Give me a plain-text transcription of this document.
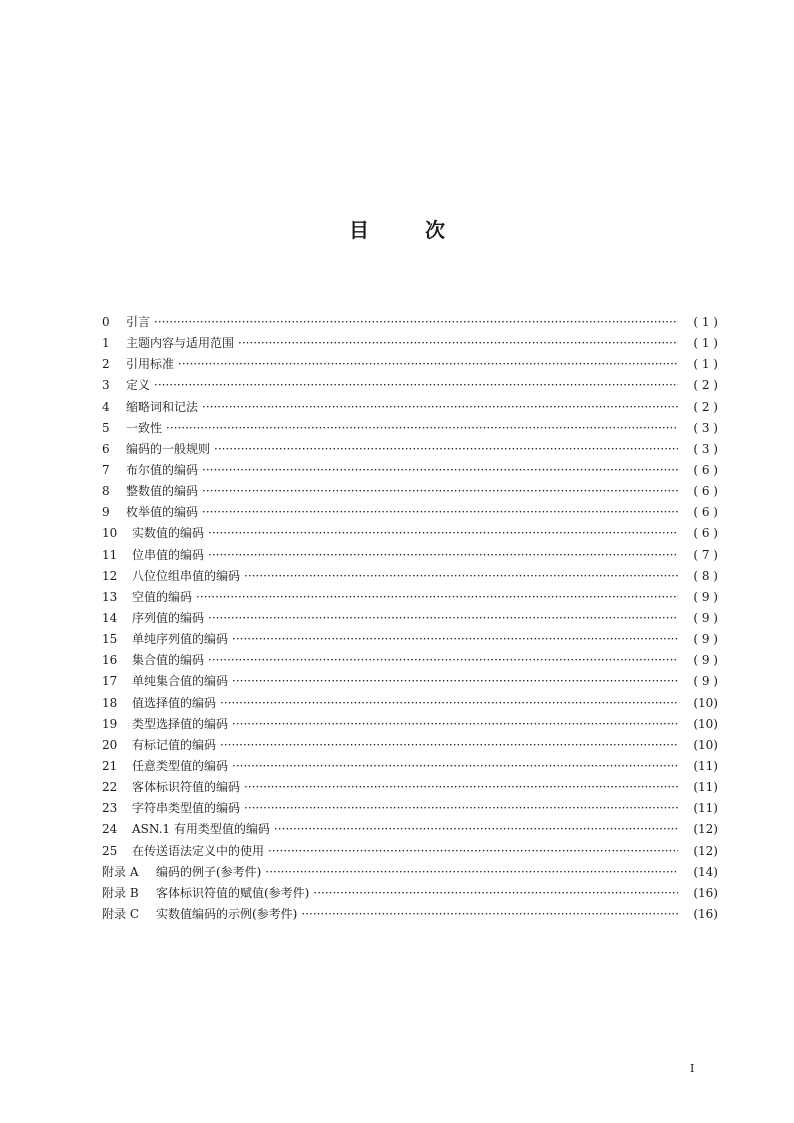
目	次
0	引言 ·····	( 1 )
1	主题内容与适用范围 ·····	( 1 )
2	引用标准 ·····	( 1 )
3	定义 ·····	( 2 )
4	缩略词和记法 ·····	( 2 )
5	一致性 ·····	( 3 )
6	编码的一般规则 ·····	( 3 )
7	布尔值的编码 ·····	( 6 )
8	整数值的编码 ·····	( 6 )
9	枚举值的编码 ·····	( 6 )
10	实数值的编码 ·····	( 6 )
11	位串值的编码 ·····	( 7 )
12	八位位组串值的编码 ·····	( 8 )
13	空值的编码 ·····	( 9 )
14	序列值的编码 ·····	( 9 )
15	单纯序列值的编码 ·····	( 9 )
16	集合值的编码 ·····	( 9 )
17	单纯集合值的编码 ·····	( 9 )
18	值选择值的编码 ·····	(10)
19	类型选择值的编码 ·····	(10)
20	有标记值的编码 ·····	(10)
21	任意类型值的编码 ·····	(11)
22	客体标识符值的编码 ·····	(11)
23	字符串类型值的编码 ·····	(11)
24	ASN.1 有用类型值的编码 ·····	(12)
25	在传送语法定义中的使用 ·····	(12)
附录 A	编码的例子(参考件) ·····	(14)
附录 B	客体标识符值的赋值(参考件) ·····	(16)
附录 C	实数值编码的示例(参考件) ·····	(16)
I
